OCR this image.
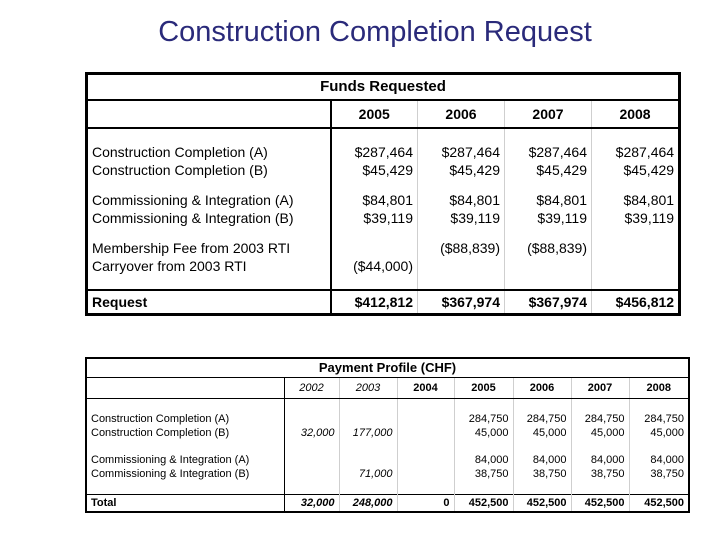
Construction Completion Request
Funds Requested				
	2005	2006	2007	2008

Construction Completion (A)	$287,464	$287,464	$287,464	$287,464
Construction Completion (B)	$45,429	$45,429	$45,429	$45,429

Commissioning & Integration (A)	$84,801	$84,801	$84,801	$84,801
Commissioning & Integration (B)	$39,119	$39,119	$39,119	$39,119

Membership Fee from 2003 RTI		($88,839)	($88,839)	
Carryover from 2003 RTI	($44,000)			

Request	$412,812	$367,974	$367,974	$456,812
Payment Profile (CHF)							
	2002	2003	2004	2005	2006	2007	2008

Construction Completion (A)				284,750	284,750	284,750	284,750
Construction Completion (B)	32,000	177,000		45,000	45,000	45,000	45,000

Commissioning & Integration (A)				84,000	84,000	84,000	84,000
Commissioning & Integration (B)		71,000		38,750	38,750	38,750	38,750

Total	32,000	248,000	0	452,500	452,500	452,500	452,500
